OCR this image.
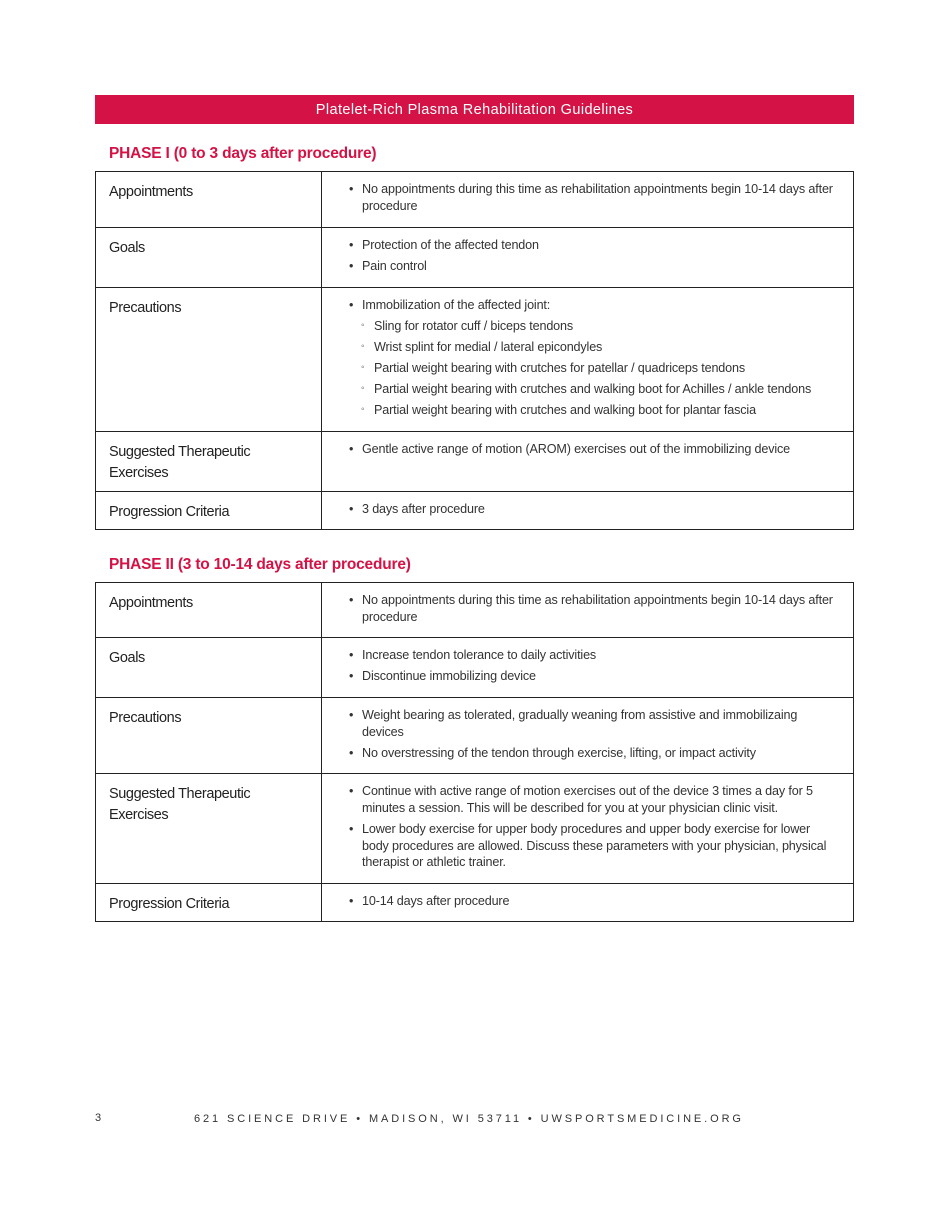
Platelet-Rich Plasma Rehabilitation Guidelines
PHASE I (0 to 3 days after procedure)
Appointments	
•No appointments during this time as rehabilitation appointments begin 10-14 days after procedure

Goals	
•Protection of the affected tendon
• Pain control

Precautions	
•Immobilization of the affected joint:
◦ Sling for rotator cuff / biceps tendons
◦ Wrist splint for medial / lateral epicondyles
◦ Partial weight bearing with crutches for patellar / quadriceps tendons
◦ Partial weight bearing with crutches and walking boot for Achilles / ankle tendons
◦ Partial weight bearing with crutches and walking boot for plantar fascia

Suggested Therapeutic Exercises	
• Gentle active range of motion (AROM) exercises out of the immobilizing device

Progression Criteria	
•3 days after procedure
PHASE II (3 to 10-14 days after procedure)
Appointments	
•No appointments during this time as rehabilitation appointments begin 10-14 days after procedure

Goals	
•Increase tendon tolerance to daily activities
• Discontinue immobilizing device

Precautions	
•Weight bearing as tolerated, gradually weaning from assistive and immobilizaing devices
• No overstressing of the tendon through exercise, lifting, or impact activity

Suggested Therapeutic Exercises	
• Continue with active range of motion exercises out of the device 3 times a day for 5 minutes a session. This will be described for you at your physician clinic visit.
• Lower body exercise for upper body procedures and upper body exercise for lower body procedures are allowed. Discuss these parameters with your physician, physical therapist or athletic trainer.

Progression Criteria	
•10-14 days after procedure
3	621 SCIENCE DRIVE • MADISON, WI 53711 • UWSPORTSMEDICINE.ORG
